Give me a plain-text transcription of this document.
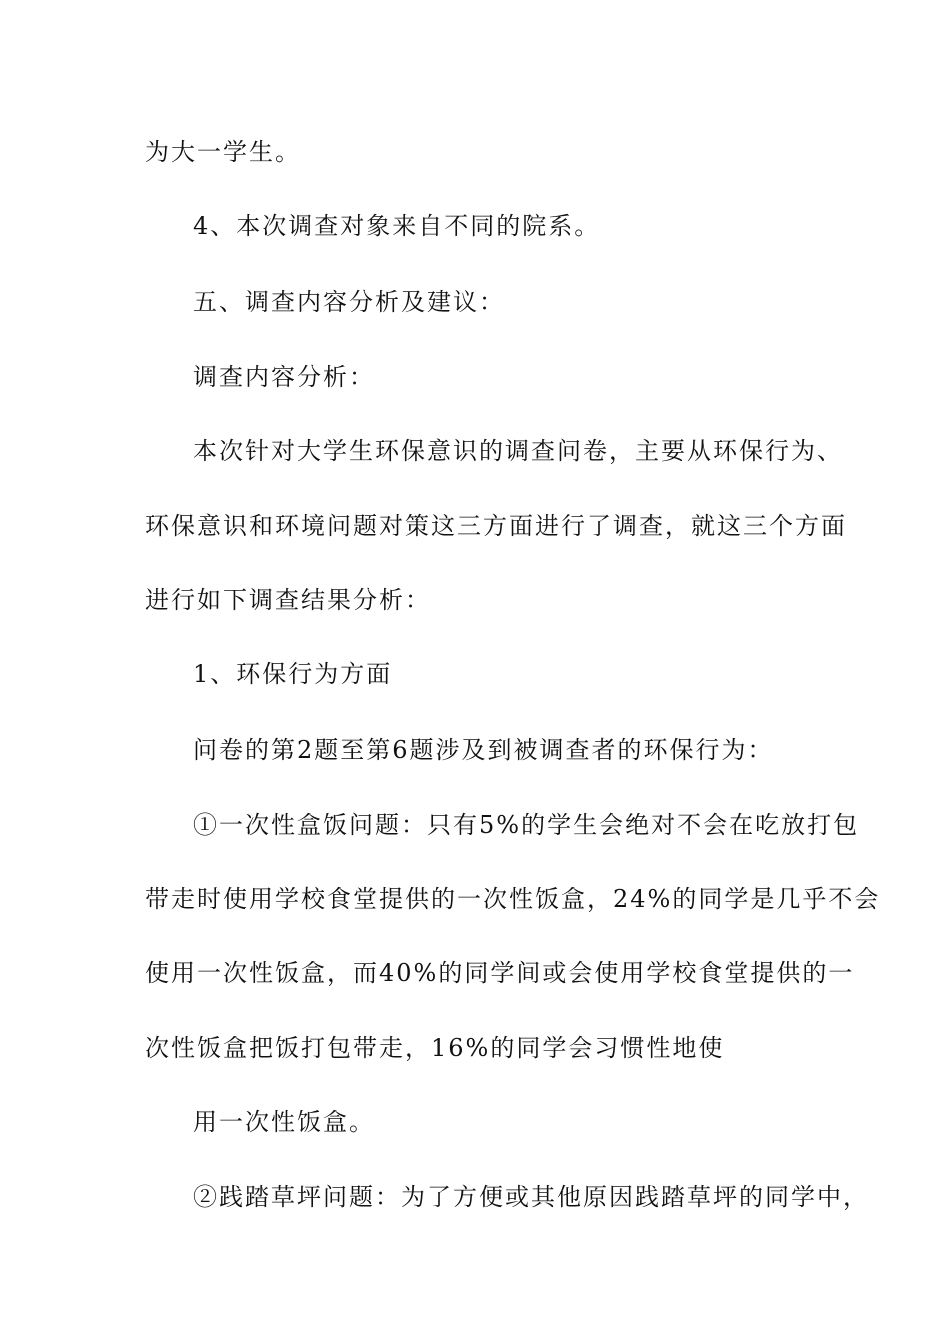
为大一学生。
4、本次调查对象来自不同的院系。
五、调查内容分析及建议：
调查内容分析：
本次针对大学生环保意识的调查问卷，主要从环保行为、
环保意识和环境问题对策这三方面进行了调查，就这三个方面
进行如下调查结果分析：
1、环保行为方面
问卷的第2题至第6题涉及到被调查者的环保行为：
①一次性盒饭问题：只有5%的学生会绝对不会在吃放打包
带走时使用学校食堂提供的一次性饭盒，24%的同学是几乎不会
使用一次性饭盒，而40%的同学间或会使用学校食堂提供的一
次性饭盒把饭打包带走，16%的同学会习惯性地使
用一次性饭盒。
②践踏草坪问题：为了方便或其他原因践踏草坪的同学中，
